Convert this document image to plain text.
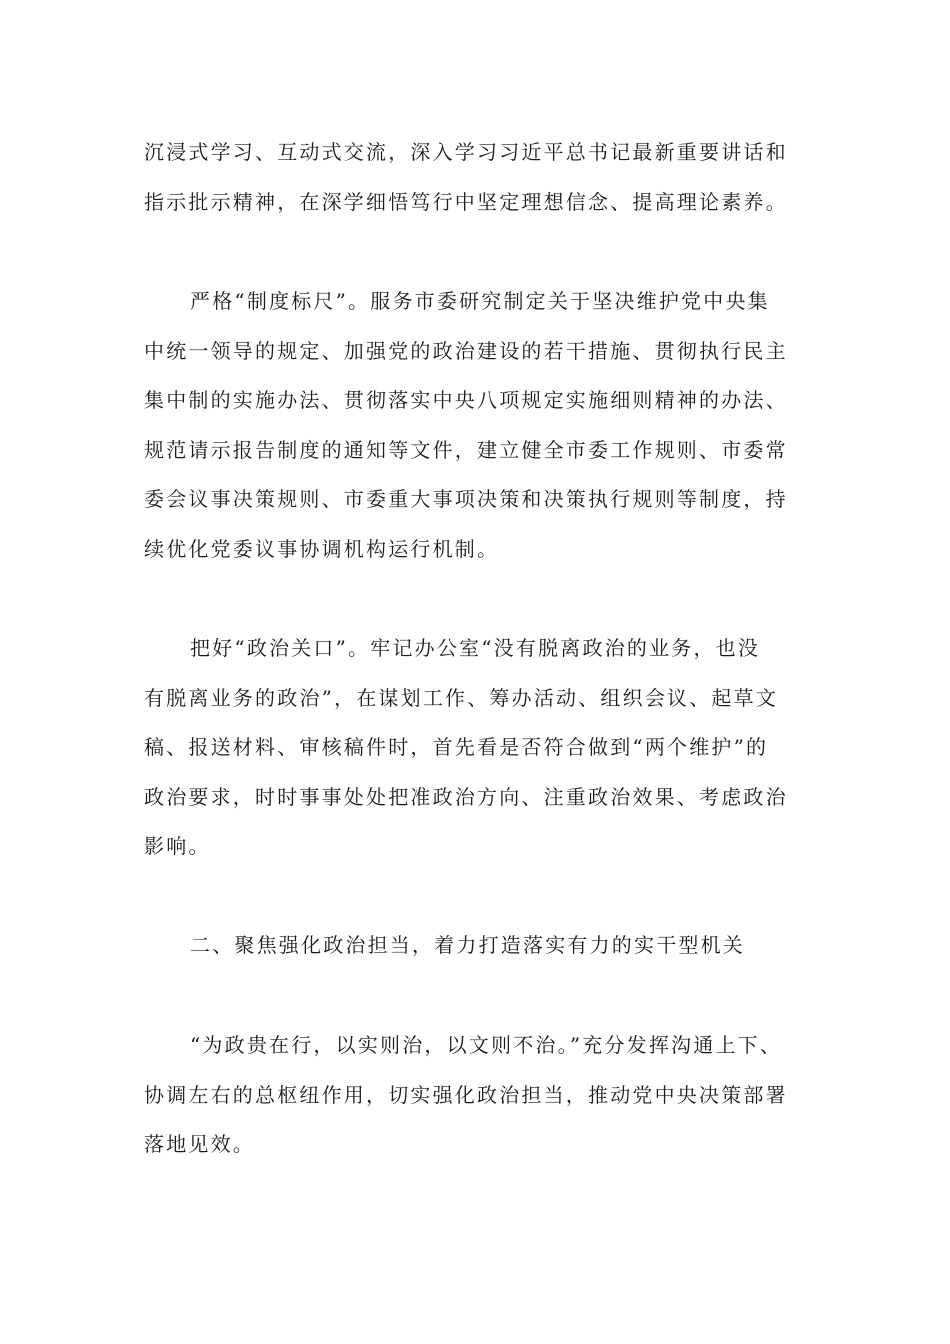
沉浸式学习、互动式交流，深入学习习近平总书记最新重要讲话和
指示批示精神，在深学细悟笃行中坚定理想信念、提高理论素养。
严格“制度标尺”。服务市委研究制定关于坚决维护党中央集
中统一领导的规定、加强党的政治建设的若干措施、贯彻执行民主
集中制的实施办法、贯彻落实中央八项规定实施细则精神的办法、
规范请示报告制度的通知等文件，建立健全市委工作规则、市委常
委会议事决策规则、市委重大事项决策和决策执行规则等制度，持
续优化党委议事协调机构运行机制。
把好“政治关口”。牢记办公室“没有脱离政治的业务，也没
有脱离业务的政治”，在谋划工作、筹办活动、组织会议、起草文
稿、报送材料、审核稿件时，首先看是否符合做到“两个维护”的
政治要求，时时事事处处把准政治方向、注重政治效果、考虑政治
影响。
二、聚焦强化政治担当，着力打造落实有力的实干型机关
“为政贵在行，以实则治，以文则不治。”充分发挥沟通上下、
协调左右的总枢纽作用，切实强化政治担当，推动党中央决策部署
落地见效。
